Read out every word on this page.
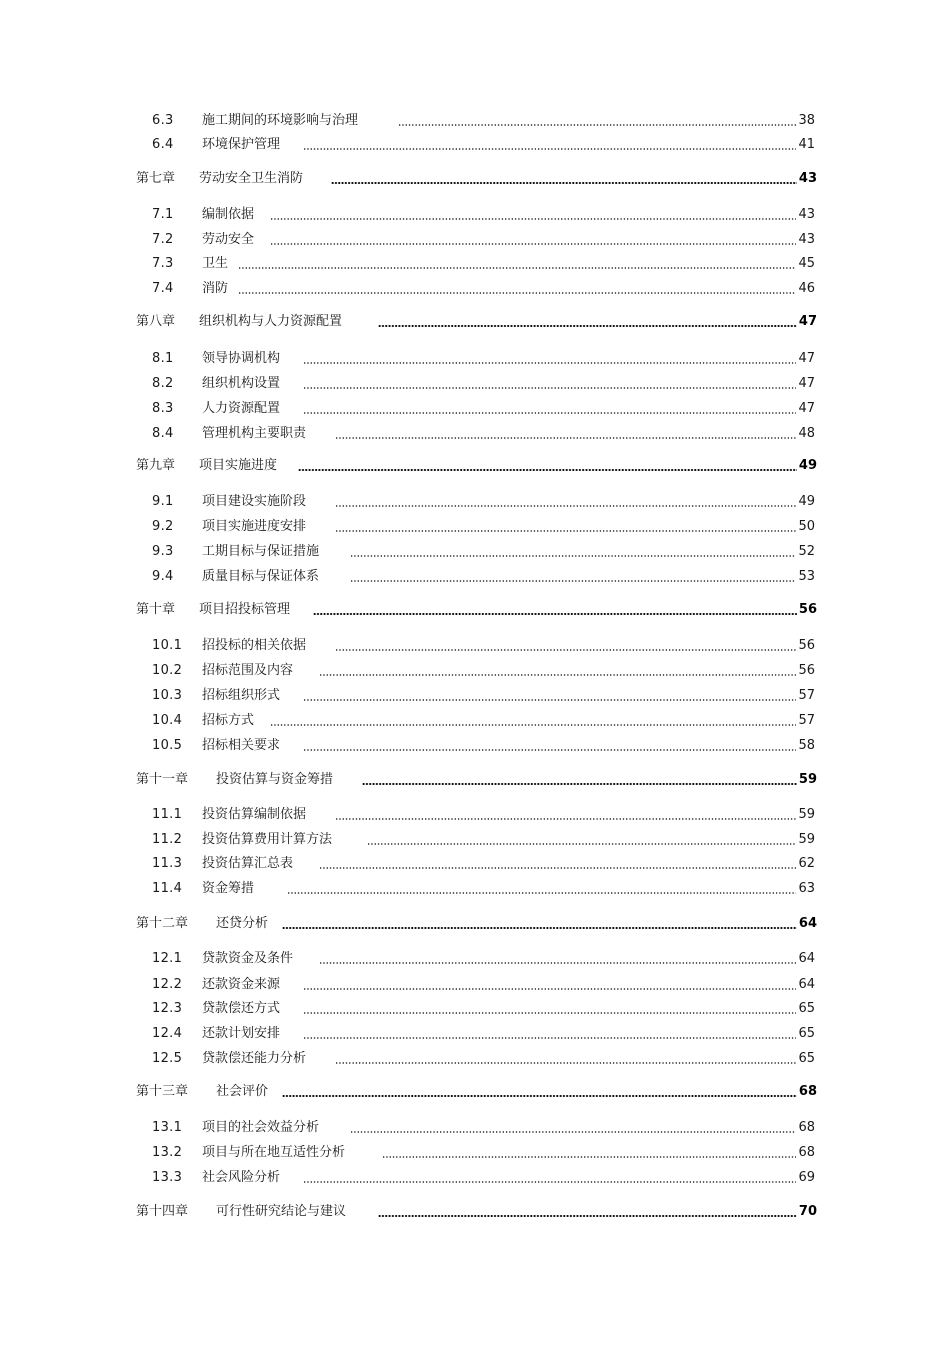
6.3 施工期间的环境影响与治理	38
6.4 环境保护管理	41
第七章 劳动安全卫生消防	43
7.1 编制依据	43
7.2 劳动安全	43
7.3 卫生	45
7.4 消防	46
第八章 组织机构与人力资源配置	47
8.1 领导协调机构	47
8.2 组织机构设置	47
8.3 人力资源配置	47
8.4 管理机构主要职责	48
第九章 项目实施进度	49
9.1 项目建设实施阶段	49
9.2 项目实施进度安排	50
9.3 工期目标与保证措施	52
9.4 质量目标与保证体系	53
第十章 项目招投标管理	56
10.1 招投标的相关依据	56
10.2 招标范围及内容	56
10.3 招标组织形式	57
10.4 招标方式	57
10.5 招标相关要求	58
第十一章 投资估算与资金筹措	59
11.1 投资估算编制依据	59
11.2 投资估算费用计算方法	59
11.3 投资估算汇总表	62
11.4 资金筹措	63
第十二章 还贷分析	64
12.1 贷款资金及条件	64
12.2 还款资金来源	64
12.3 贷款偿还方式	65
12.4 还款计划安排	65
12.5 贷款偿还能力分析	65
第十三章 社会评价	68
13.1 项目的社会效益分析	68
13.2 项目与所在地互适性分析	68
13.3 社会风险分析	69
第十四章 可行性研究结论与建议	70
